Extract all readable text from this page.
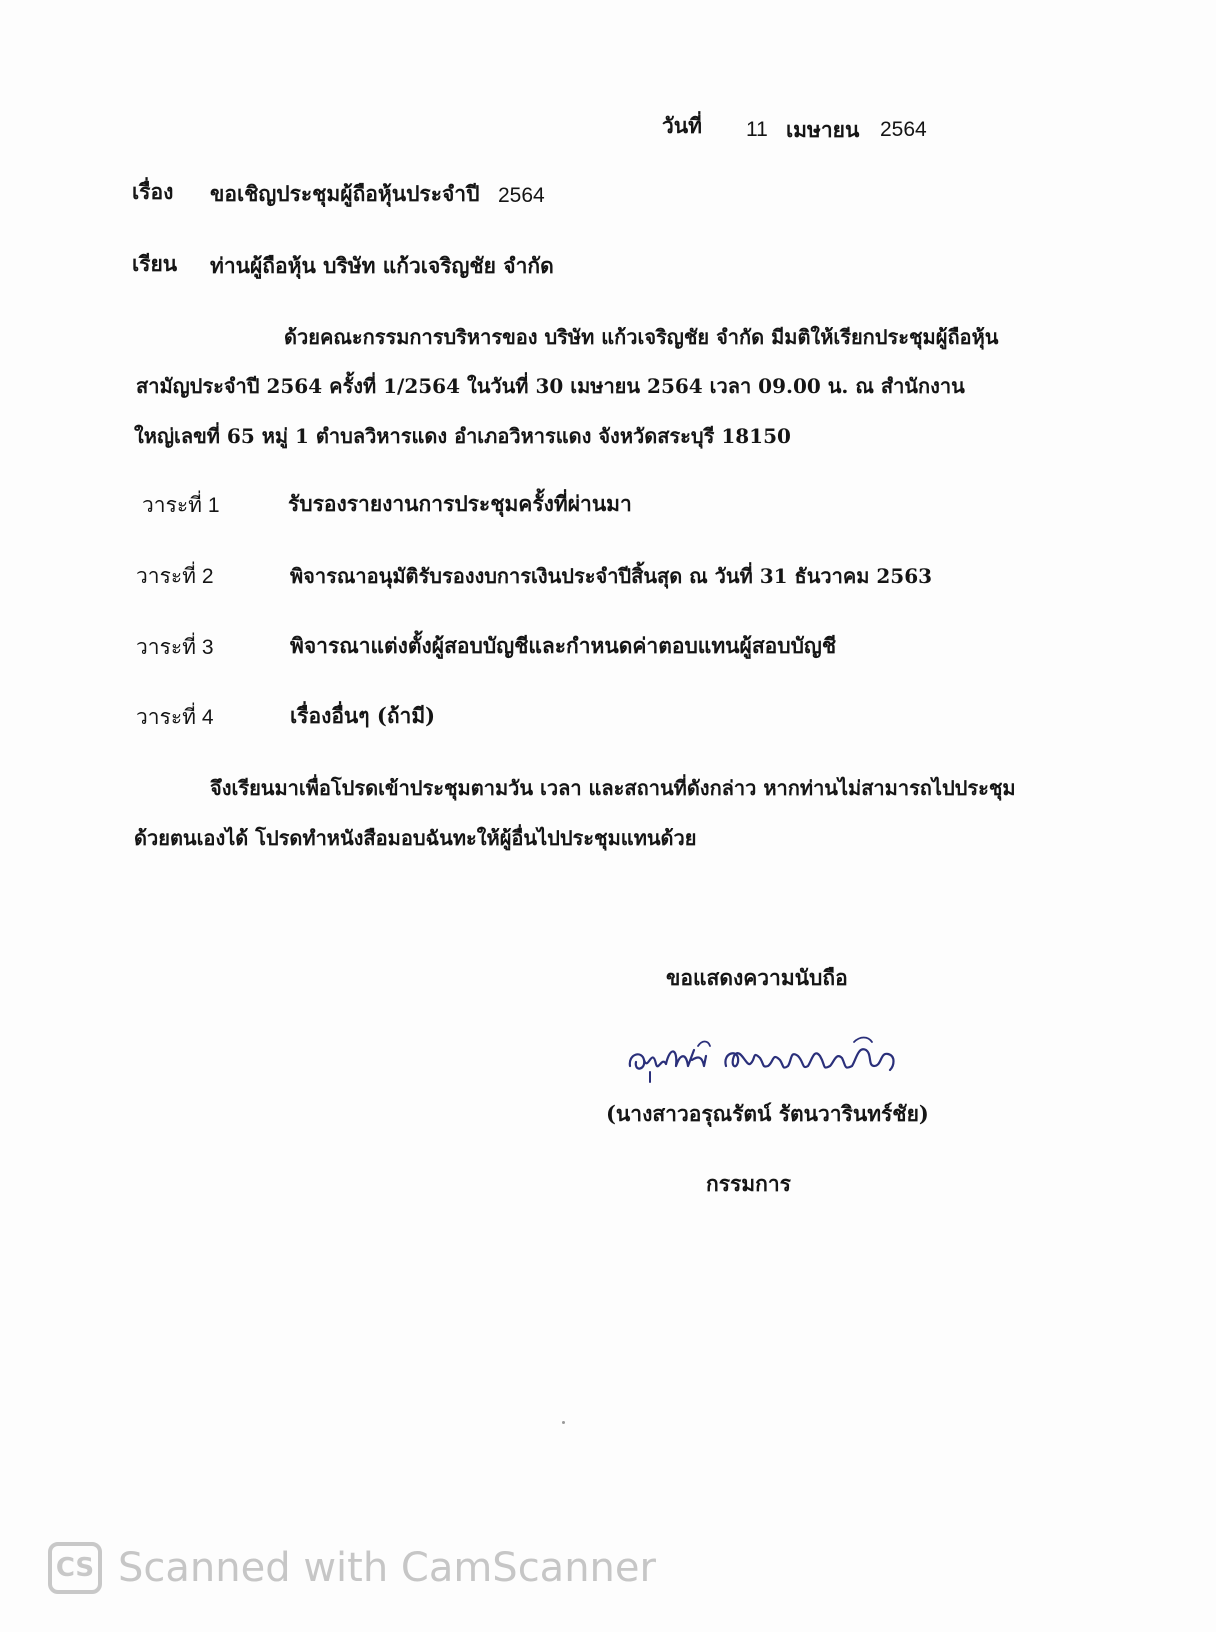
วันที่ 11 เมษายน 2564
เรื่อง ขอเชิญประชุมผู้ถือหุ้นประจำปี 2564
เรียน ท่านผู้ถือหุ้น บริษัท แก้วเจริญชัย จำกัด
ด้วยคณะกรรมการบริหารของ บริษัท แก้วเจริญชัย จำกัด มีมติให้เรียกประชุมผู้ถือหุ้น
สามัญประจำปี 2564 ครั้งที่ 1/2564 ในวันที่ 30 เมษายน 2564 เวลา 09.00 น. ณ สำนักงาน
ใหญ่เลขที่ 65 หมู่ 1 ตำบลวิหารแดง อำเภอวิหารแดง จังหวัดสระบุรี 18150
วาระที่ 1	รับรองรายงานการประชุมครั้งที่ผ่านมา
วาระที่ 2	พิจารณาอนุมัติรับรองงบการเงินประจำปีสิ้นสุด ณ วันที่ 31 ธันวาคม 2563
วาระที่ 3	พิจารณาแต่งตั้งผู้สอบบัญชีและกำหนดค่าตอบแทนผู้สอบบัญชี
วาระที่ 4	เรื่องอื่นๆ (ถ้ามี)
จึงเรียนมาเพื่อโปรดเข้าประชุมตามวัน เวลา และสถานที่ดังกล่าว หากท่านไม่สามารถไปประชุม
ด้วยตนเองได้ โปรดทำหนังสือมอบฉันทะให้ผู้อื่นไปประชุมแทนด้วย
ขอแสดงความนับถือ
(นางสาวอรุณรัตน์ รัตนวารินทร์ชัย)
กรรมการ
CS Scanned with CamScanner
